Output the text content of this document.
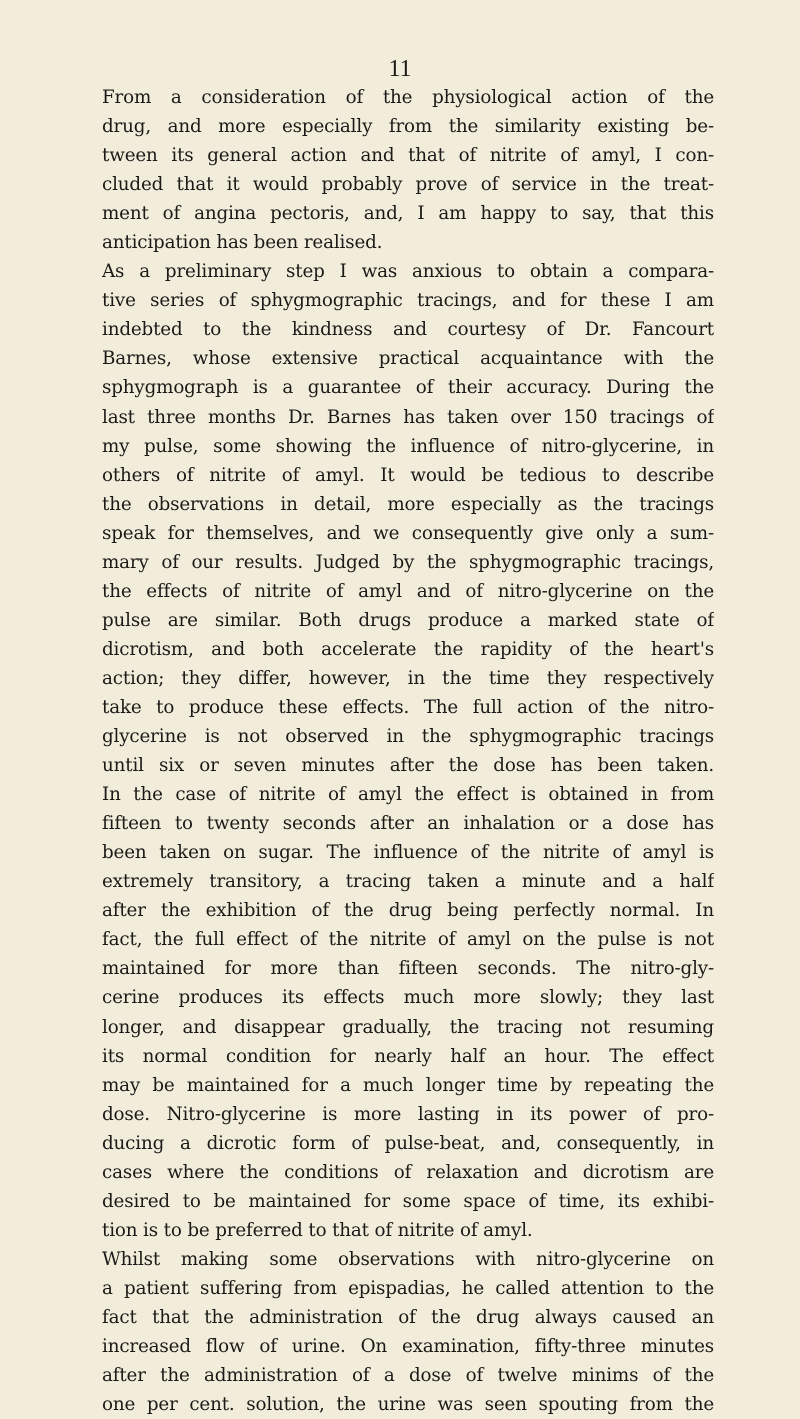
11
From a consideration of the physiological action of the
drug, and more especially from the similarity existing be-
tween its general action and that of nitrite of amyl, I con-
cluded that it would probably prove of service in the treat-
ment of angina pectoris, and, I am happy to say, that this
anticipation has been realised.
As a preliminary step I was anxious to obtain a compara-
tive series of sphygmographic tracings, and for these I am
indebted to the kindness and courtesy of Dr. Fancourt
Barnes, whose extensive practical acquaintance with the
sphygmograph is a guarantee of their accuracy. During the
last three months Dr. Barnes has taken over 150 tracings of
my pulse, some showing the influence of nitro-glycerine, in
others of nitrite of amyl. It would be tedious to describe
the observations in detail, more especially as the tracings
speak for themselves, and we consequently give only a sum-
mary of our results. Judged by the sphygmographic tracings,
the effects of nitrite of amyl and of nitro-glycerine on the
pulse are similar. Both drugs produce a marked state of
dicrotism, and both accelerate the rapidity of the heart's
action; they differ, however, in the time they respectively
take to produce these effects. The full action of the nitro-
glycerine is not observed in the sphygmographic tracings
until six or seven minutes after the dose has been taken.
In the case of nitrite of amyl the effect is obtained in from
fifteen to twenty seconds after an inhalation or a dose has
been taken on sugar. The influence of the nitrite of amyl is
extremely transitory, a tracing taken a minute and a half
after the exhibition of the drug being perfectly normal. In
fact, the full effect of the nitrite of amyl on the pulse is not
maintained for more than fifteen seconds. The nitro-gly-
cerine produces its effects much more slowly; they last
longer, and disappear gradually, the tracing not resuming
its normal condition for nearly half an hour. The effect
may be maintained for a much longer time by repeating the
dose. Nitro-glycerine is more lasting in its power of pro-
ducing a dicrotic form of pulse-beat, and, consequently, in
cases where the conditions of relaxation and dicrotism are
desired to be maintained for some space of time, its exhibi-
tion is to be preferred to that of nitrite of amyl.
Whilst making some observations with nitro-glycerine on
a patient suffering from epispadias, he called attention to the
fact that the administration of the drug always caused an
increased flow of urine. On examination, fifty-three minutes
after the administration of a dose of twelve minims of the
one per cent. solution, the urine was seen spouting from the
